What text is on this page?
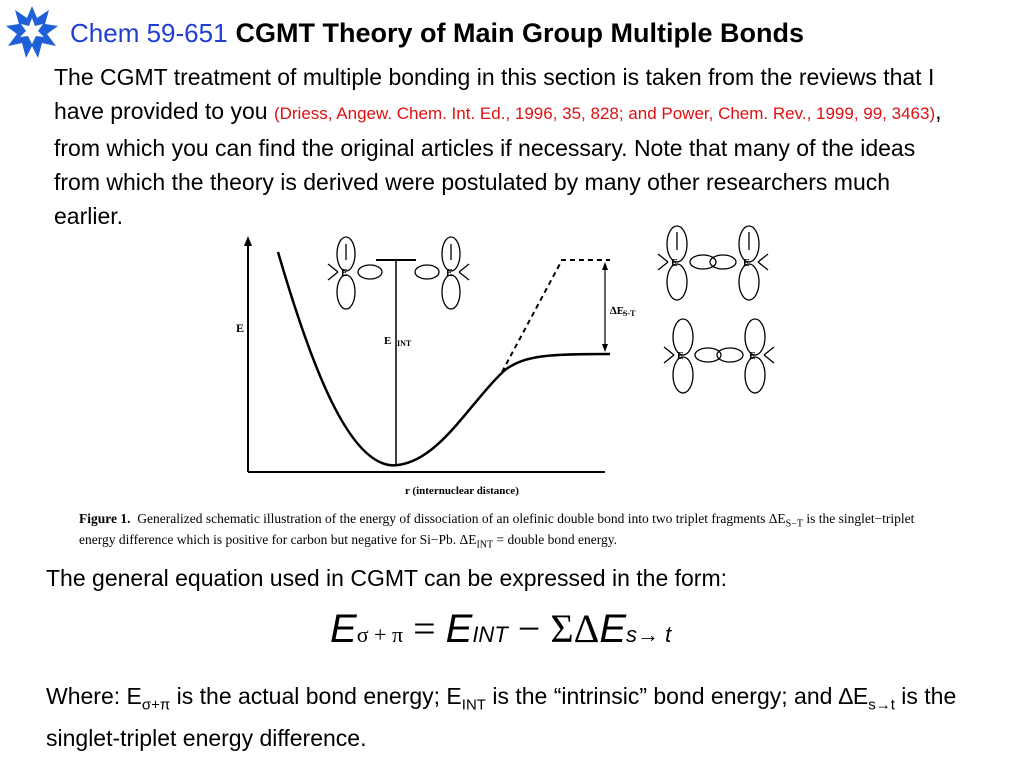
Chem 59-651 CGMT Theory of Main Group Multiple Bonds
The CGMT treatment of multiple bonding in this section is taken from the reviews that I have provided to you (Driess, Angew. Chem. Int. Ed., 1996, 35, 828; and Power, Chem. Rev., 1999, 99, 3463), from which you can find the original articles if necessary. Note that many of the ideas from which the theory is derived were postulated by many other researchers much earlier.
E
E INT
∆E
S-T
r (internuclear distance)
E	E
E	E
E	E
Figure 1. Generalized schematic illustration of the energy of dissociation of an olefinic double bond into two triplet fragments $\Delta E_{S-T}$ is the singlet−triplet energy difference which is positive for carbon but negative for Si−Pb. $\Delta E_{INT}$ = double bond energy.
The general equation used in CGMT can be expressed in the form:
Eσ + π = EINT − ΣΔEs→ t
Where: $E_{\sigma+\pi}$ is the actual bond energy; $E_{INT}$ is the “intrinsic” bond energy; and $\Delta E_{s\to t}$ is the singlet-triplet energy difference.
